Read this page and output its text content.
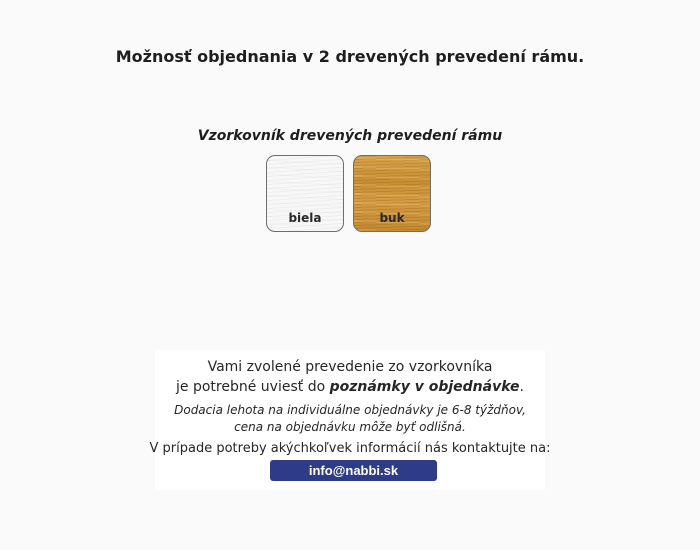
Možnosť objednania v 2 drevených prevedení rámu.
Vzorkovník drevených prevedení rámu
biela	buk

Vami zvolené prevedenie zo vzorkovníka

je potrebné uviesť do poznámky v objednávke.

Dodacia lehota na individuálne objednávky je 6-8 týždňov,

cena na objednávku môže byť odlišná.

V prípade potreby akýchkoľvek informácií nás kontaktujte na:

info@nabbi.sk
